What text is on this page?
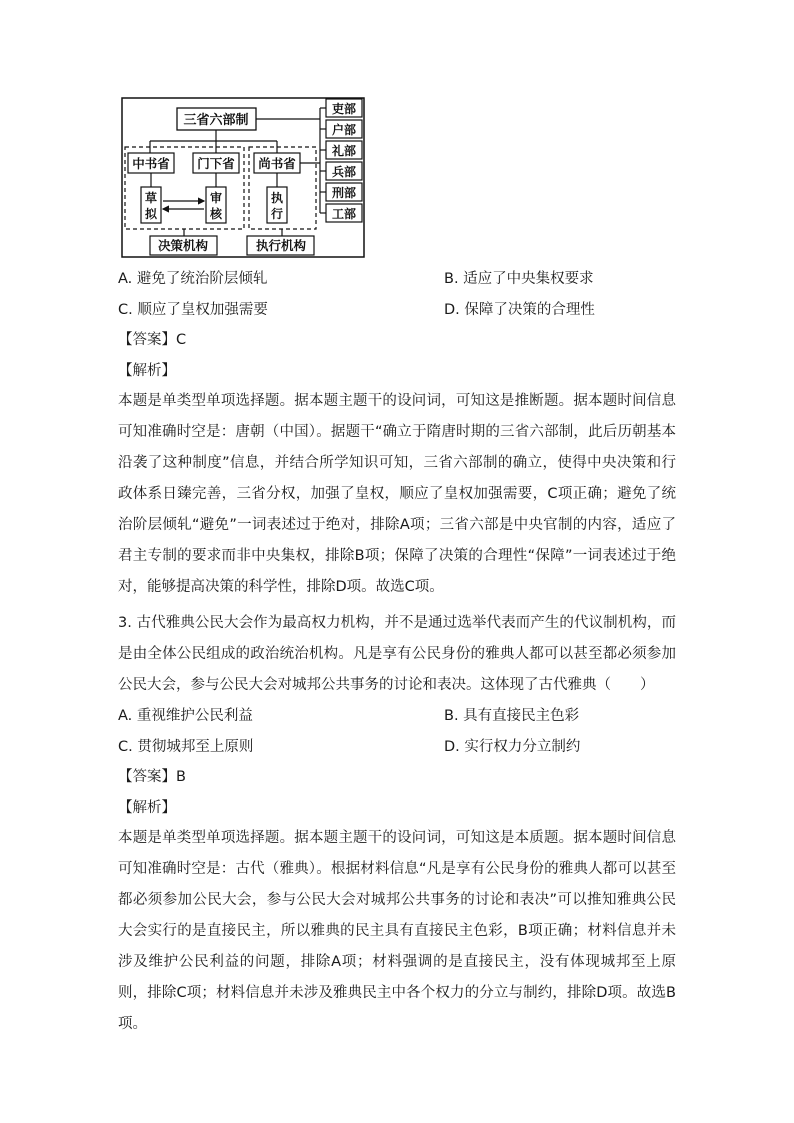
三省六部制
中书省 门下省 尚书省
草
拟
审
核
执
行
决策机构	执行机构
吏部
户部
礼部
兵部
刑部
工部
A. 避免了统治阶层倾轧	B. 适应了中央集权要求
C. 顺应了皇权加强需要	D. 保障了决策的合理性
【答案】C
【解析】

本题是单类型单项选择题。据本题主题干的设问词，可知这是推断题。据本题时间信息可知准确时空是：唐朝（中国）。据题干“确立于隋唐时期的三省六部制，此后历朝基本沿袭了这种制度”信息，并结合所学知识可知，三省六部制的确立，使得中央决策和行政体系日臻完善，三省分权，加强了皇权，顺应了皇权加强需要，C项正确；避免了统治阶层倾轧“避免”一词表述过于绝对，排除A项；三省六部是中央官制的内容，适应了君主专制的要求而非中央集权，排除B项；保障了决策的合理性“保障”一词表述过于绝对，能够提高决策的科学性，排除D项。故选C项。

3. 古代雅典公民大会作为最高权力机构，并不是通过选举代表而产生的代议制机构，而是由全体公民组成的政治统治机构。凡是享有公民身份的雅典人都可以甚至都必须参加公民大会，参与公民大会对城邦公共事务的讨论和表决。这体现了古代雅典（　　）

A. 重视维护公民利益	B. 具有直接民主色彩
C. 贯彻城邦至上原则	D. 实行权力分立制约
【答案】B
【解析】

本题是单类型单项选择题。据本题主题干的设问词，可知这是本质题。据本题时间信息可知准确时空是：古代（雅典）。根据材料信息“凡是享有公民身份的雅典人都可以甚至都必须参加公民大会，参与公民大会对城邦公共事务的讨论和表决”可以推知雅典公民大会实行的是直接民主，所以雅典的民主具有直接民主色彩，B项正确；材料信息并未涉及维护公民利益的问题，排除A项；材料强调的是直接民主，没有体现城邦至上原则，排除C项；材料信息并未涉及雅典民主中各个权力的分立与制约，排除D项。故选B项。
